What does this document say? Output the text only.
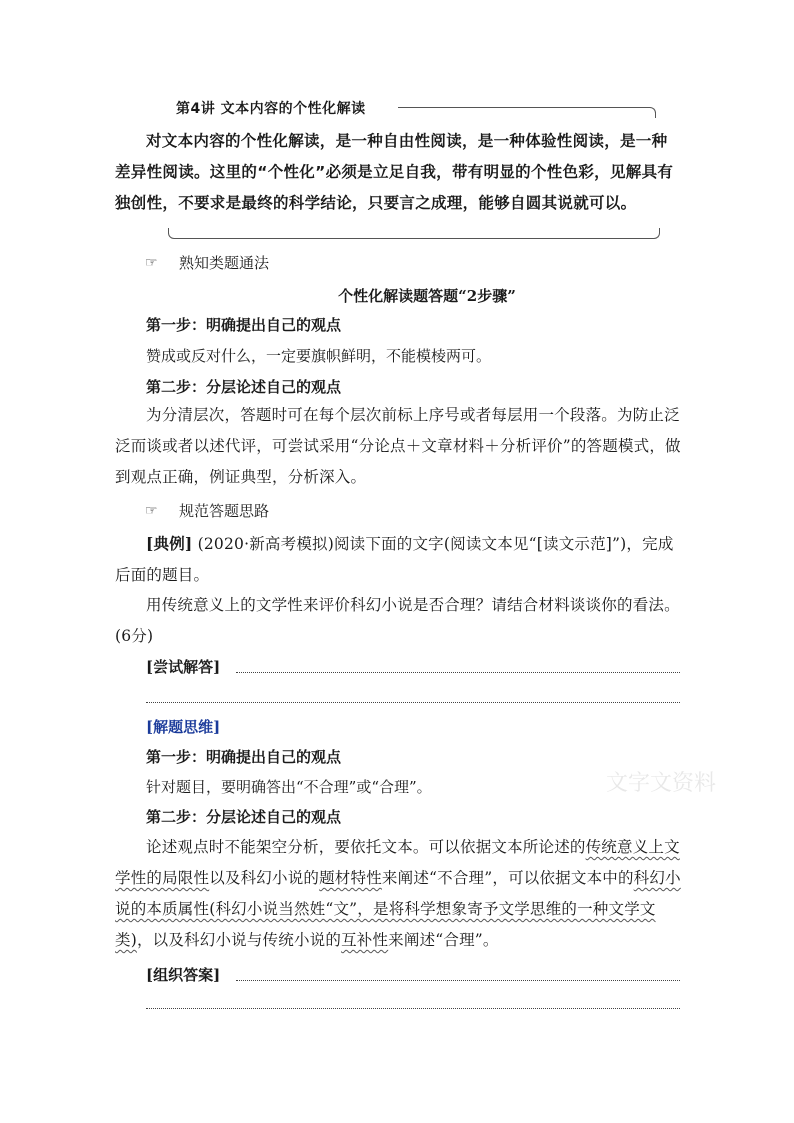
第4讲 文本内容的个性化解读
对文本内容的个性化解读，是一种自由性阅读，是一种体验性阅读，是一种差异性阅读。这里的“个性化”必须是立足自我，带有明显的个性色彩，见解具有独创性，不要求是最终的科学结论，只要言之成理，能够自圆其说就可以。
☞	熟知类题通法
个性化解读题答题“2步骤”
第一步：明确提出自己的观点
赞成或反对什么，一定要旗帜鲜明，不能模棱两可。
第二步：分层论述自己的观点
为分清层次，答题时可在每个层次前标上序号或者每层用一个段落。为防止泛泛而谈或者以述代评，可尝试采用“分论点＋文章材料＋分析评价”的答题模式，做到观点正确，例证典型，分析深入。
☞	规范答题思路
[典例] (2020·新高考模拟)阅读下面的文字(阅读文本见“[读文示范]”)，完成后面的题目。
用传统意义上的文学性来评价科幻小说是否合理？请结合材料谈谈你的看法。(6分)
[尝试解答]
[解题思维]
第一步：明确提出自己的观点
针对题目，要明确答出“不合理”或“合理”。
第二步：分层论述自己的观点
论述观点时不能架空分析，要依托文本。可以依据文本所论述的传统意义上文学性的局限性以及科幻小说的题材特性来阐述“不合理”，可以依据文本中的科幻小说的本质属性(科幻小说当然姓“文”，是将科学想象寄予文学思维的一种文学文类)，以及科幻小说与传统小说的互补性来阐述“合理”。
[组织答案]
文字文资料
